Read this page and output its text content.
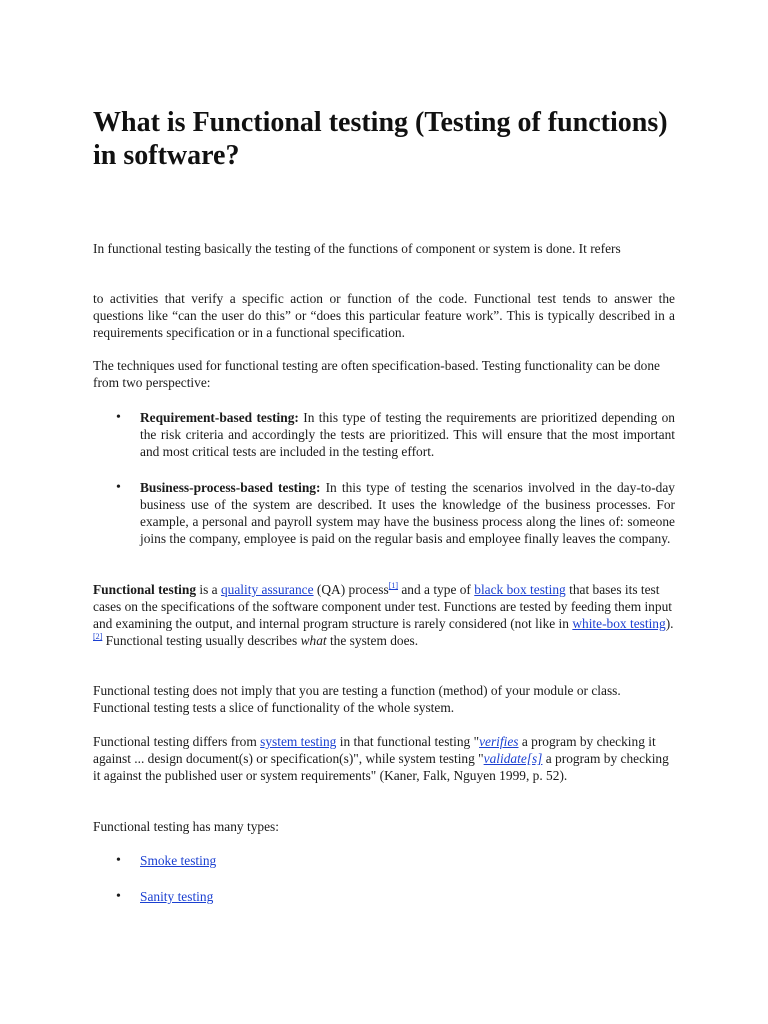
What is Functional testing (Testing of functions) in software?

In functional testing basically the testing of the functions of component or system is done. It refers

to activities that verify a specific action or function of the code. Functional test tends to answer the questions like “can the user do this” or “does this particular feature work”. This is typically described in a requirements specification or in a functional specification.

The techniques used for functional testing are often specification-based. Testing functionality can be done from two perspective:

•	Requirement-based testing: In this type of testing the requirements are prioritized depending on the risk criteria and accordingly the tests are prioritized. This will ensure that the most important and most critical tests are included in the testing effort.
•	Business-process-based testing: In this type of testing the scenarios involved in the day-to-day business use of the system are described. It uses the knowledge of the business processes. For example, a personal and payroll system may have the business process along the lines of: someone joins the company, employee is paid on the regular basis and employee finally leaves the company.

Functional testing is a quality assurance (QA) process[1] and a type of black box testing that bases its test cases on the specifications of the software component under test. Functions are tested by feeding them input and examining the output, and internal program structure is rarely considered (not like in white-box testing).[2] Functional testing usually describes what the system does.

Functional testing does not imply that you are testing a function (method) of your module or class. Functional testing tests a slice of functionality of the whole system.

Functional testing differs from system testing in that functional testing "verifies a program by checking it against ... design document(s) or specification(s)", while system testing "validate[s] a program by checking it against the published user or system requirements" (Kaner, Falk, Nguyen 1999, p. 52).

Functional testing has many types:

•	Smoke testing
•	Sanity testing
